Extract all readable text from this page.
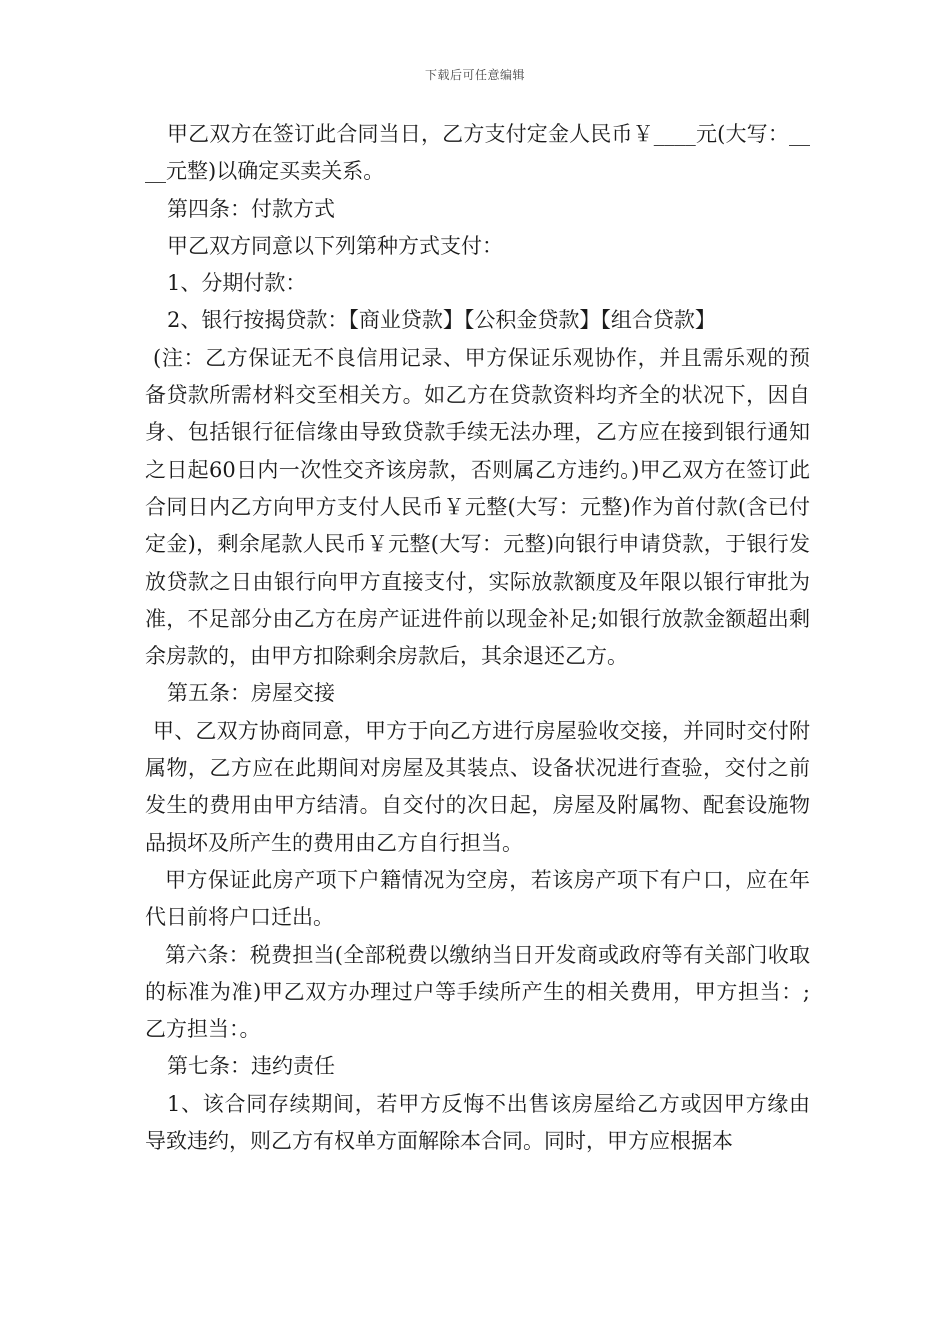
下载后可任意编辑

甲乙双方在签订此合同当日，乙方支付定金人民币￥____元(大写：____元整)以确定买卖关系。

第四条：付款方式

甲乙双方同意以下列第种方式支付：

1、分期付款：

2、银行按揭贷款：【商业贷款】【公积金贷款】【组合贷款】

(注：乙方保证无不良信用记录、甲方保证乐观协作，并且需乐观的预备贷款所需材料交至相关方。如乙方在贷款资料均齐全的状况下，因自身、包括银行征信缘由导致贷款手续无法办理，乙方应在接到银行通知之日起60日内一次性交齐该房款，否则属乙方违约。)甲乙双方在签订此合同日内乙方向甲方支付人民币￥元整(大写：元整)作为首付款(含已付定金)，剩余尾款人民币￥元整(大写：元整)向银行申请贷款，于银行发放贷款之日由银行向甲方直接支付，实际放款额度及年限以银行审批为准，不足部分由乙方在房产证进件前以现金补足;如银行放款金额超出剩余房款的，由甲方扣除剩余房款后，其余退还乙方。

第五条：房屋交接

甲、乙双方协商同意，甲方于向乙方进行房屋验收交接，并同时交付附属物，乙方应在此期间对房屋及其装点、设备状况进行查验，交付之前发生的费用由甲方结清。自交付的次日起，房屋及附属物、配套设施物品损坏及所产生的费用由乙方自行担当。

甲方保证此房产项下户籍情况为空房，若该房产项下有户口，应在年代日前将户口迁出。

第六条：税费担当(全部税费以缴纳当日开发商或政府等有关部门收取的标准为准)甲乙双方办理过户等手续所产生的相关费用，甲方担当：;乙方担当：。

第七条：违约责任

1、该合同存续期间，若甲方反悔不出售该房屋给乙方或因甲方缘由导致违约，则乙方有权单方面解除本合同。同时，甲方应根据本
